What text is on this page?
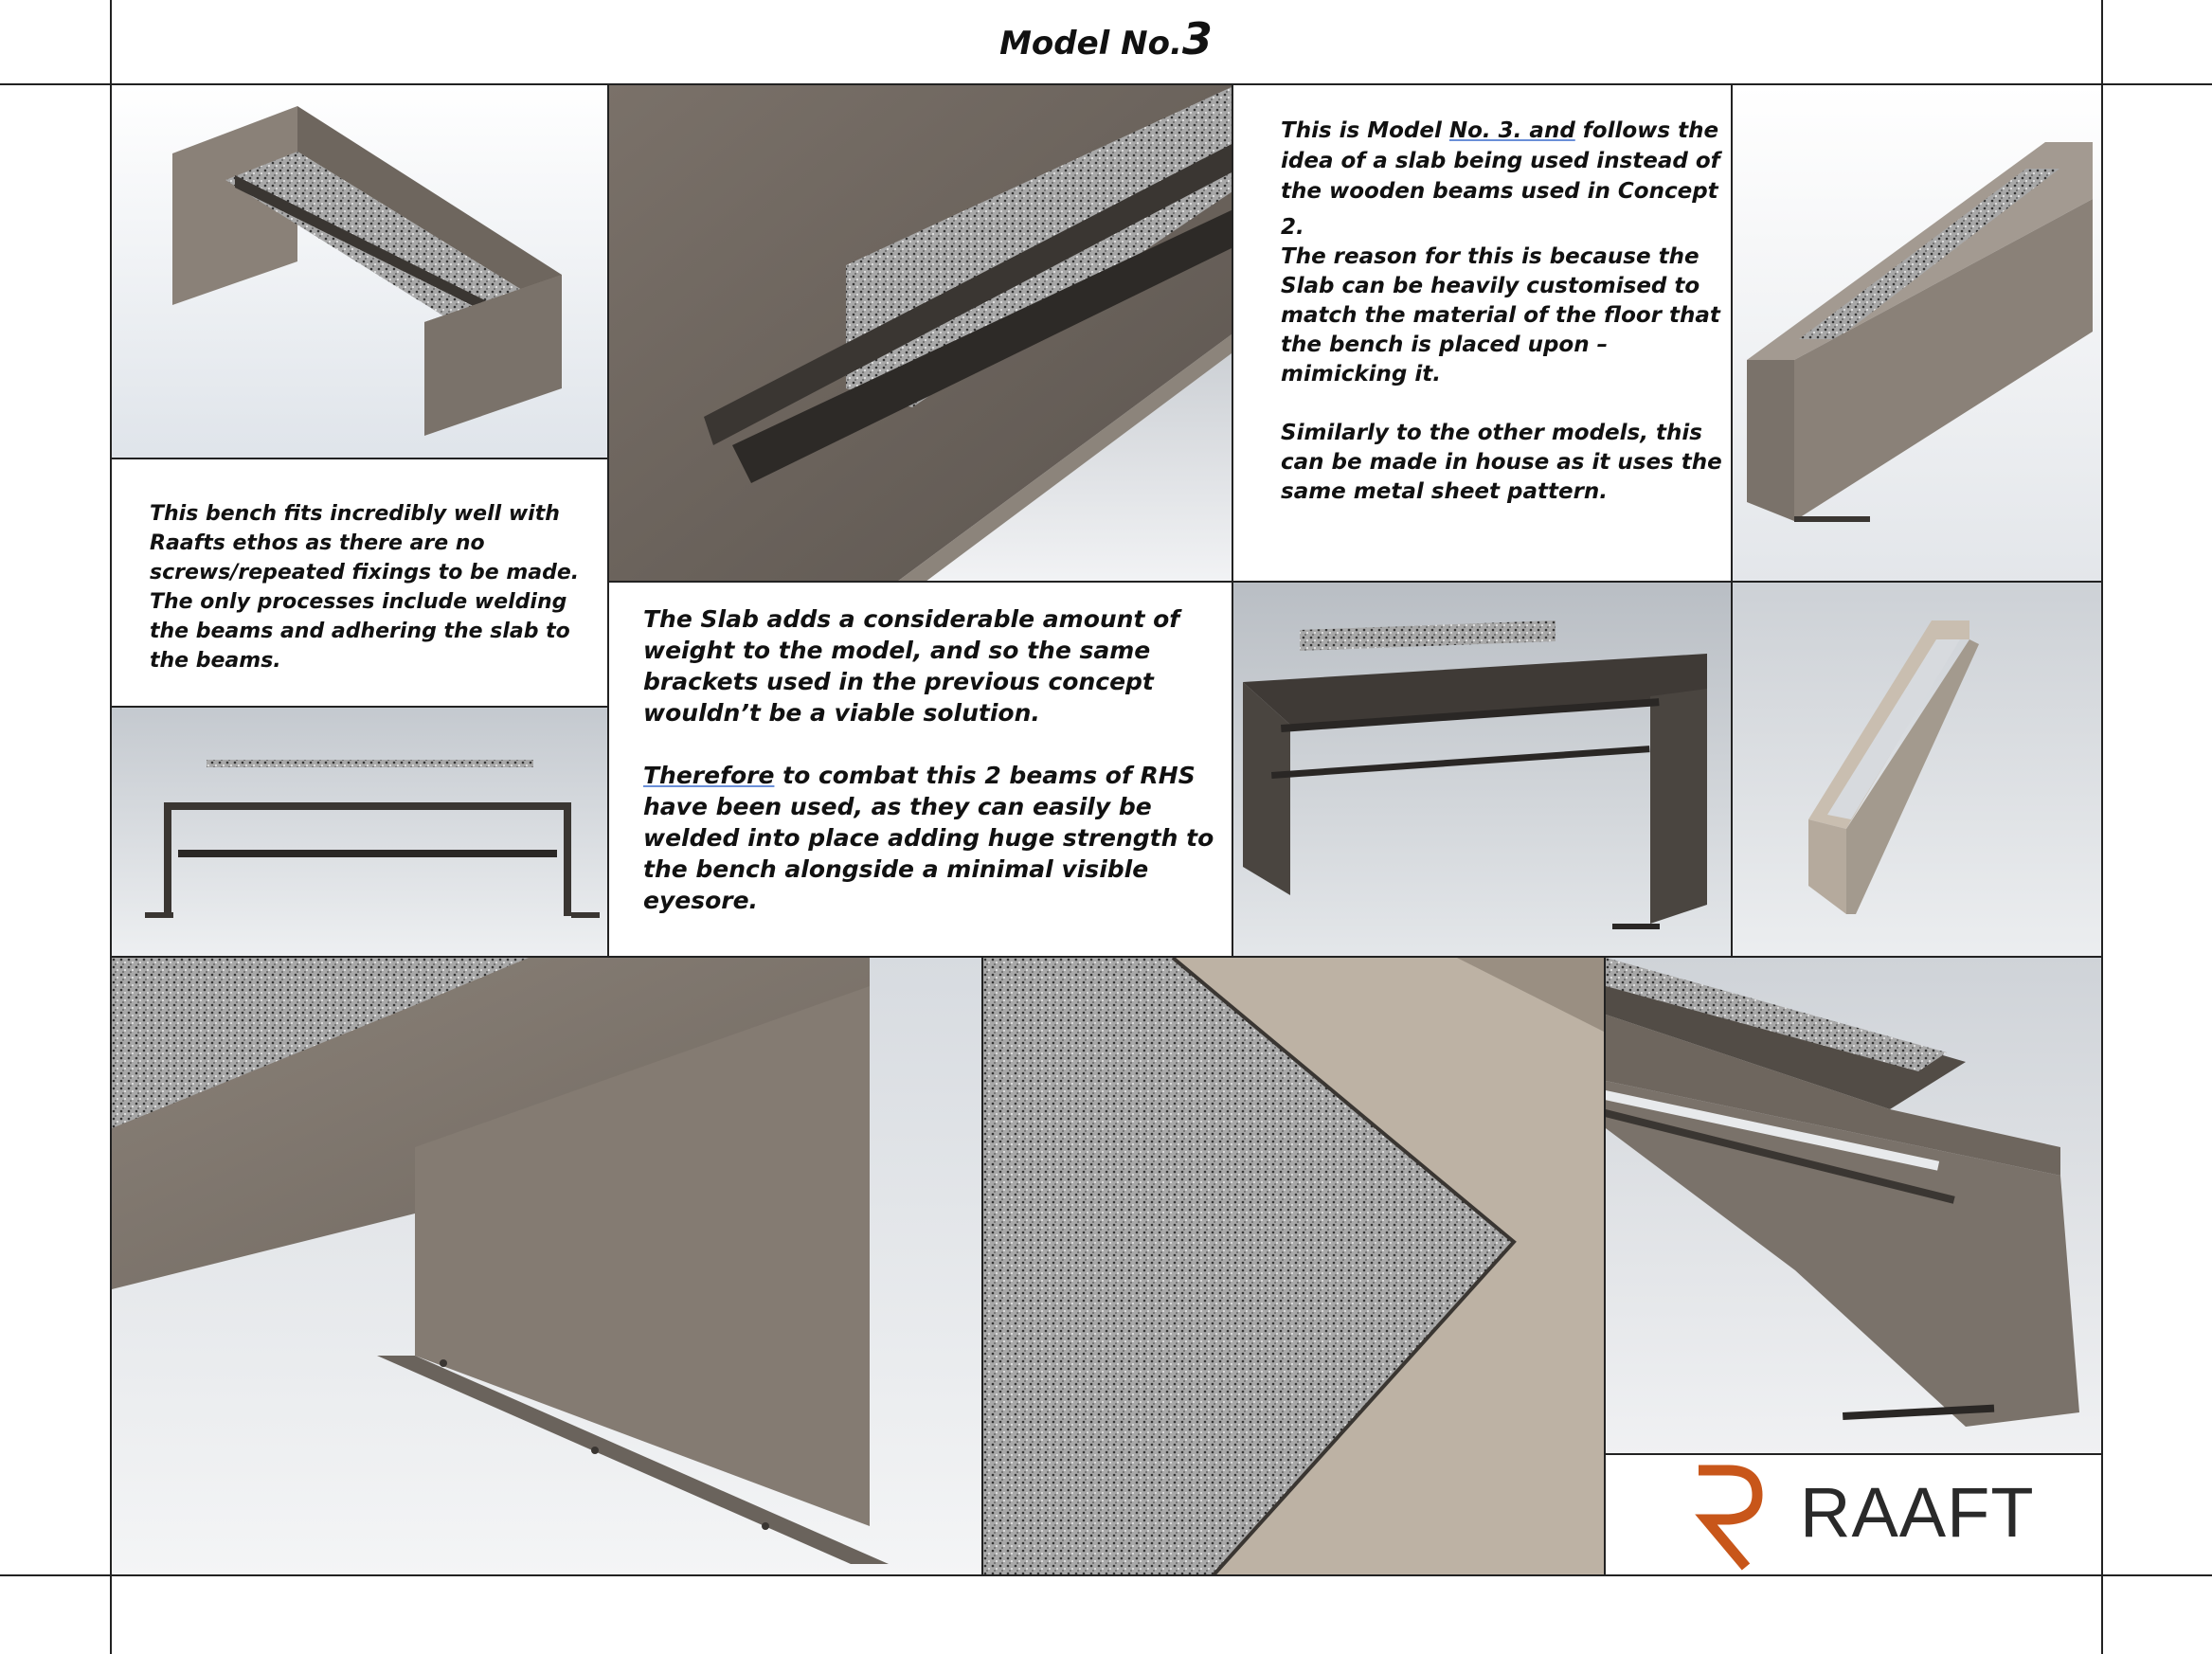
Model No.3

This is Model No. 3. and follows the

idea of a slab being used instead of

the wooden beams used in Concept

2.

The reason for this is because the

Slab can be heavily customised to

match the material of the floor that

the bench is placed upon –

mimicking it.

Similarly to the other models, this

can be made in house as it uses the

same metal sheet pattern.

This bench fits incredibly well with

Raafts ethos as there are no

screws/repeated fixings to be made.

The only processes include welding

the beams and adhering the slab to

the beams.

The Slab adds a considerable amount of

weight to the model, and so the same

brackets used in the previous concept

wouldn’t be a viable solution.

Therefore to combat this 2 beams of RHS

have been used, as they can easily be

welded into place adding huge strength to

the bench alongside a minimal visible

eyesore.

RAAFT
